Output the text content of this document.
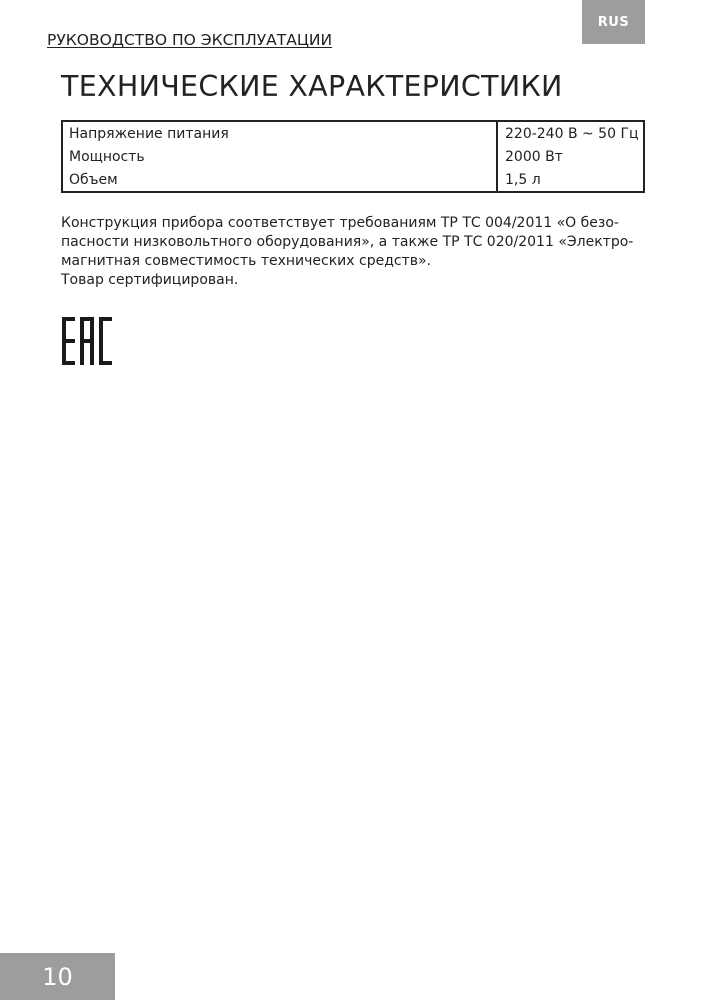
RUS
РУКОВОДСТВО ПО ЭКСПЛУАТАЦИИ
ТЕХНИЧЕСКИЕ ХАРАКТЕРИСТИКИ
Напряжение питания	220-240 В ~ 50 Гц
Мощность	2000 Вт
Объем	1,5 л
Конструкция прибора соответствует требованиям ТР ТС 004/2011 «О безо-
пасности низковольтного оборудования», а также ТР ТС 020/2011 «Электро-
магнитная совместимость технических средств».
Товар сертифицирован.
10
